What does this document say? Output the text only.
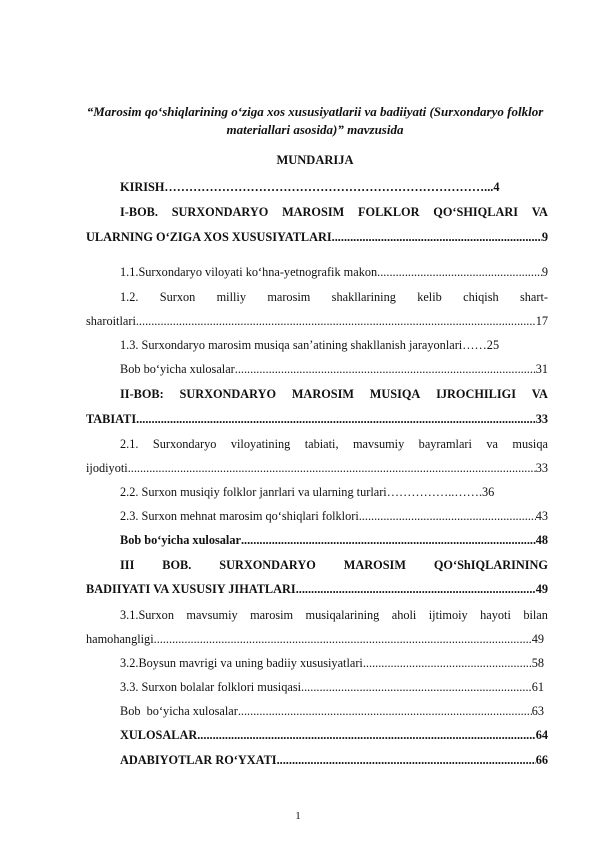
“Marosim qo‘shiqlarining o‘ziga xos xususiyatlarii va badiiyati (Surxondaryo folklor materiallari asosida)” mavzusida
MUNDARIJA
KIRISH……………………………………………………………………...4
I-BOB. SURXONDARYO MAROSIM FOLKLOR QO‘SHIQLARI VA
ULARNING O‘ZIGA XOS XUSUSIYATLARI .....	9
1.1.Surxondaryo viloyati ko‘hna-yetnografik makon .....	9
1.2. Surxon milliy marosim shakllarining kelib chiqish shart-
sharoitlari .....	17
1.3. Surxondaryo marosim musiqa san’atining shakllanish jarayonlari……25
Bob bo‘yicha xulosalar .....	31
II-BOB: SURXONDARYO MAROSIM MUSIQA IJROCHILIGI VA
TABIATI .....	33
2.1. Surxondaryo viloyatining tabiati, mavsumiy bayramlari va musiqa
ijodiyoti .....	33
2.2. Surxon musiqiy folklor janrlari va ularning turlari……………..…….36
2.3. Surxon mehnat marosim qo‘shiqlari folklori .....	43
Bob bo‘yicha xulosalar .....	48
III BOB. SURXONDARYO MAROSIM QO‘ShIQLARINING
BADIIYATI VA XUSUSIY JIHATLARI .....	49
3.1.Surxon mavsumiy marosim musiqalarining aholi ijtimoiy hayoti bilan
hamohangligi .....	49
3.2.Boysun mavrigi va uning badiiy xususiyatlari .....	58
3.3. Surxon bolalar folklori musiqasi .....	61
Bob  bo‘yicha xulosalar .....	63
XULOSALAR .....	64
ADABIYOTLAR RO‘YXATI .....	66
1
